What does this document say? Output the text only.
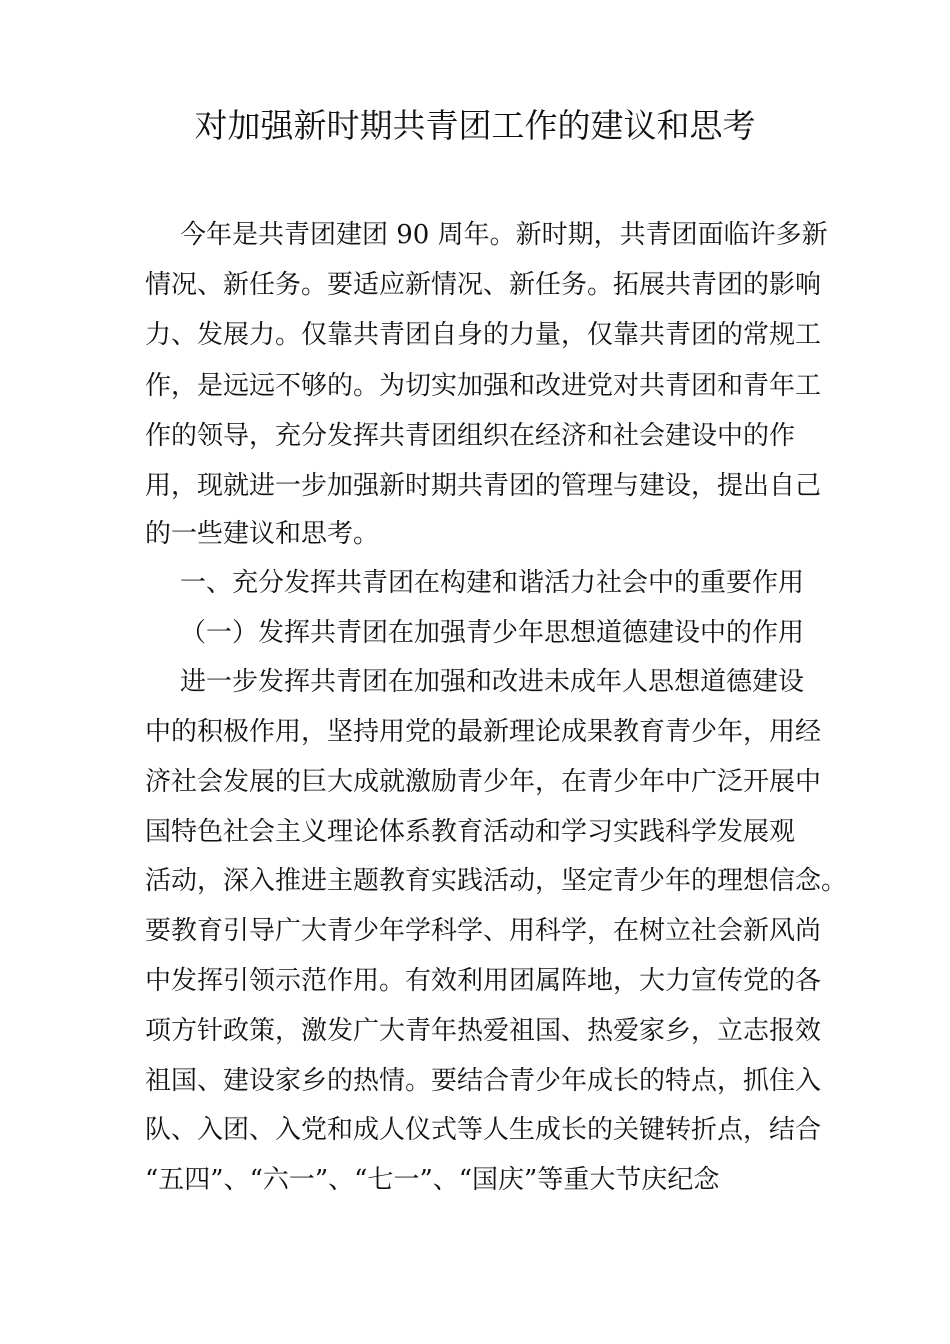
对加强新时期共青团工作的建议和思考
今年是共青团建团 90 周年。新时期，共青团面临许多新
情况、新任务。要适应新情况、新任务。拓展共青团的影响
力、发展力。仅靠共青团自身的力量，仅靠共青团的常规工
作，是远远不够的。为切实加强和改进党对共青团和青年工
作的领导，充分发挥共青团组织在经济和社会建设中的作
用，现就进一步加强新时期共青团的管理与建设，提出自己
的一些建议和思考。
一、充分发挥共青团在构建和谐活力社会中的重要作用
（一）发挥共青团在加强青少年思想道德建设中的作用
进一步发挥共青团在加强和改进未成年人思想道德建设
中的积极作用，坚持用党的最新理论成果教育青少年，用经
济社会发展的巨大成就激励青少年，在青少年中广泛开展中
国特色社会主义理论体系教育活动和学习实践科学发展观
活动，深入推进主题教育实践活动，坚定青少年的理想信念。
要教育引导广大青少年学科学、用科学，在树立社会新风尚
中发挥引领示范作用。有效利用团属阵地，大力宣传党的各
项方针政策，激发广大青年热爱祖国、热爱家乡，立志报效
祖国、建设家乡的热情。要结合青少年成长的特点，抓住入
队、入团、入党和成人仪式等人生成长的关键转折点，结合
“五四”、“六一”、“七一”、“国庆”等重大节庆纪念
